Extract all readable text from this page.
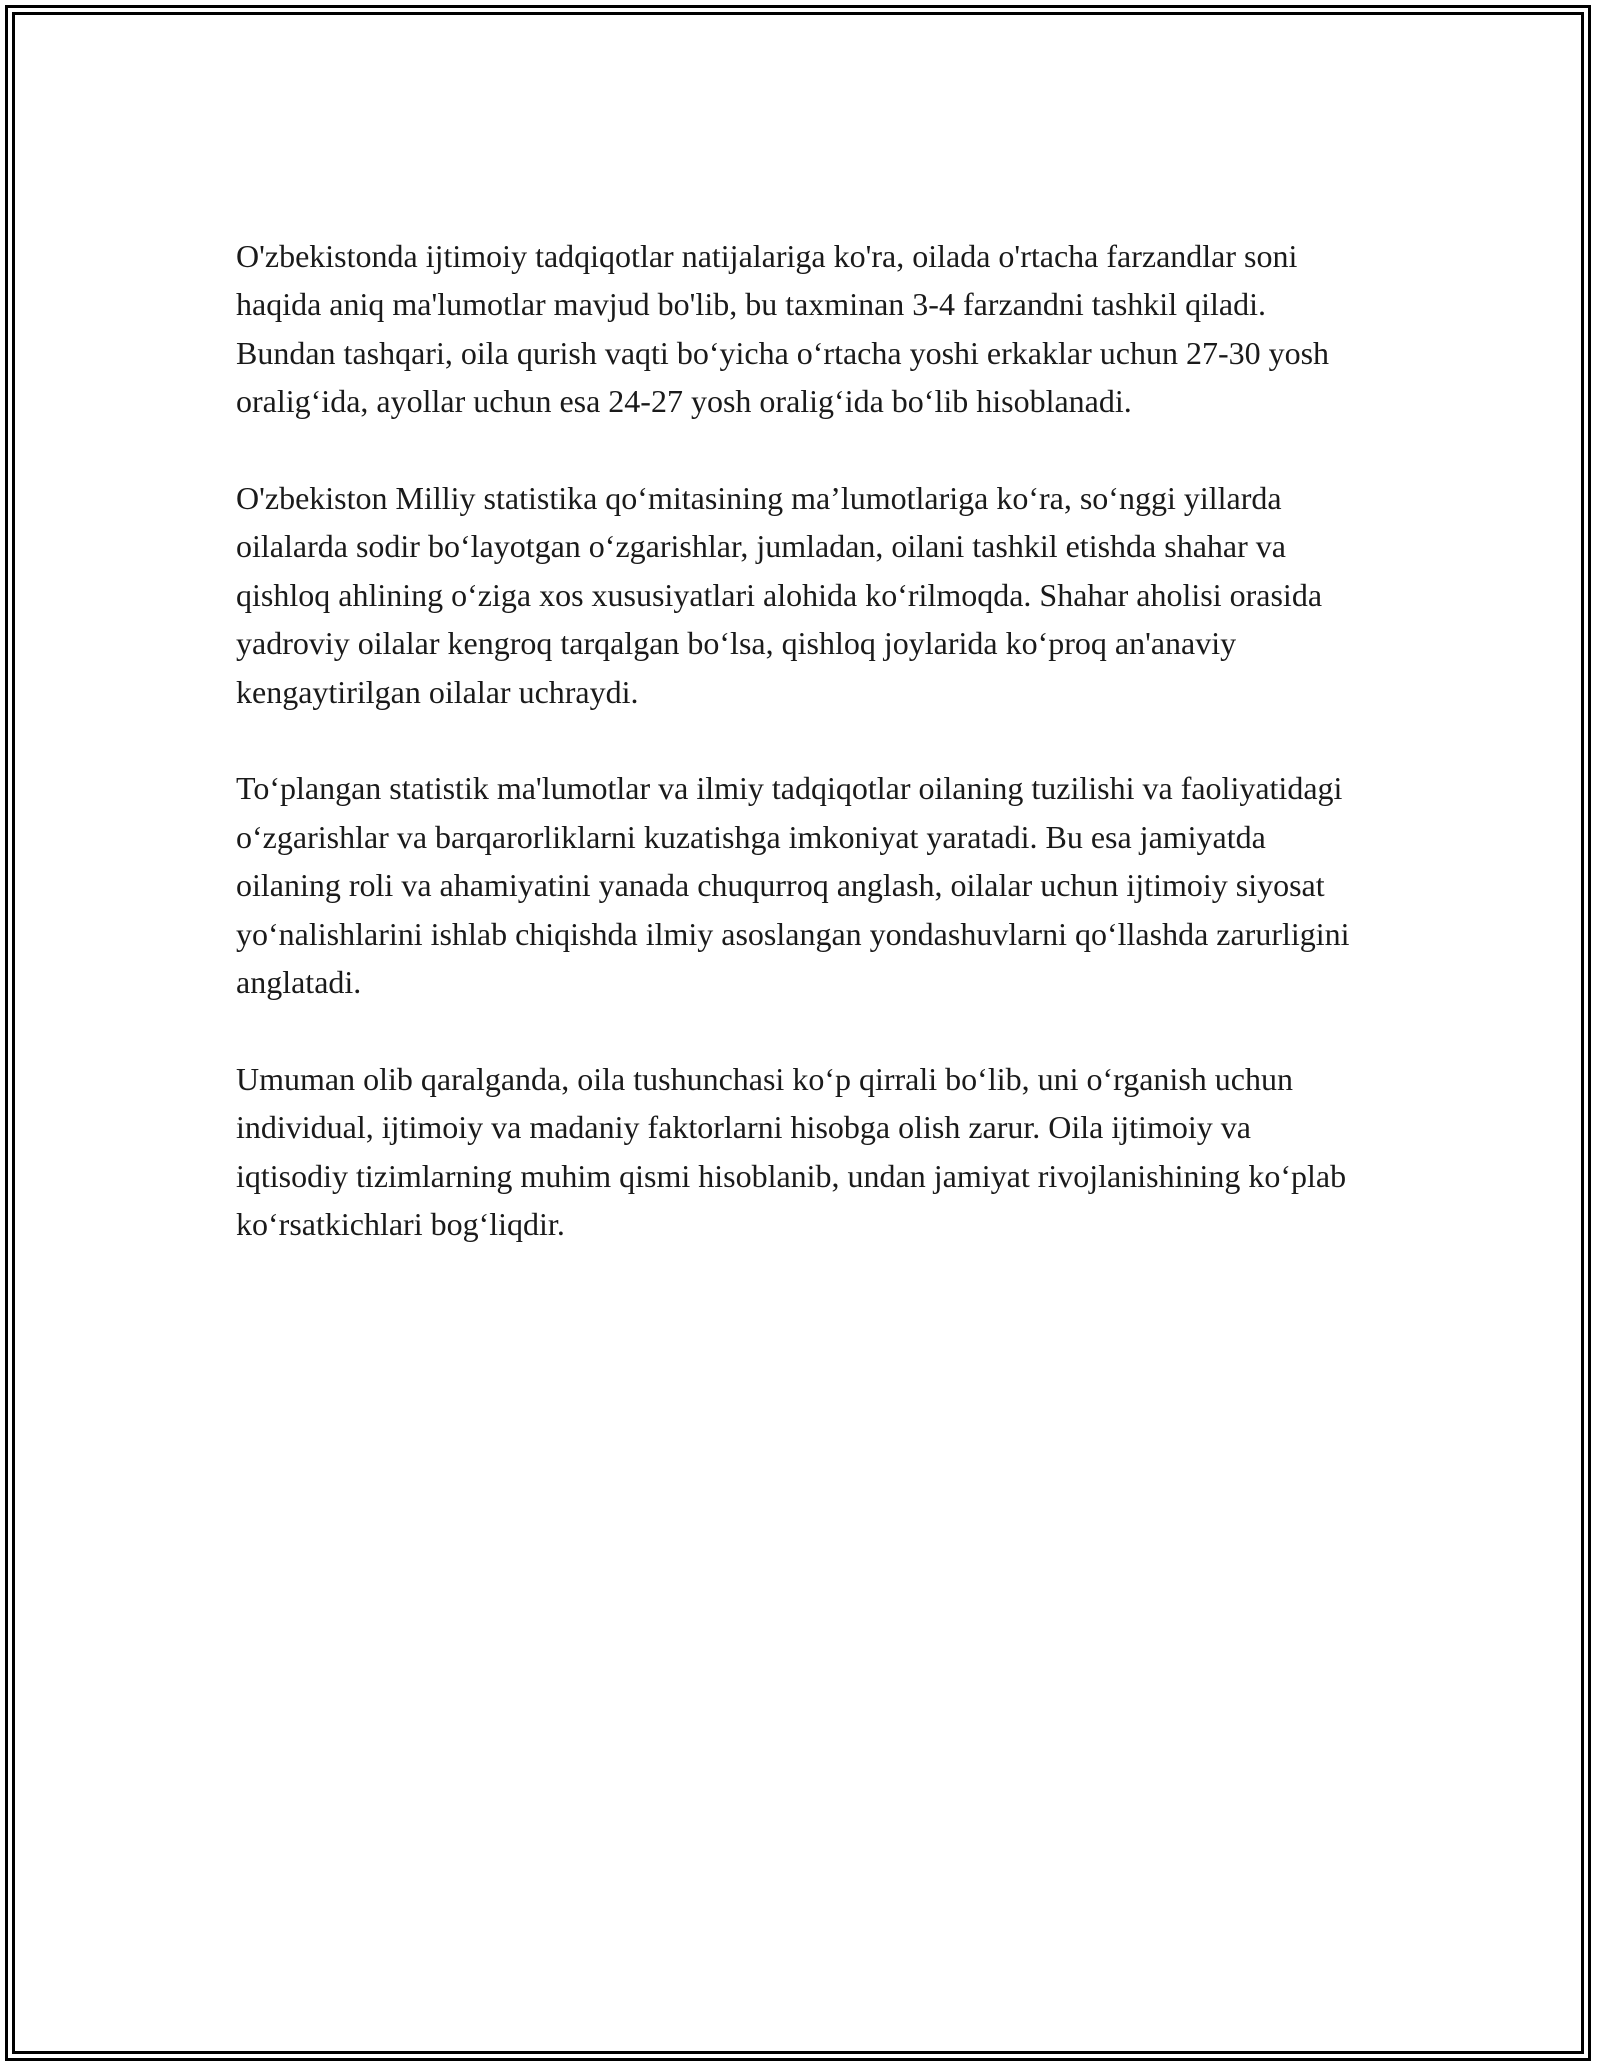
O'zbekistonda ijtimoiy tadqiqotlar natijalariga ko'ra, oilada o'rtacha farzandlar soni haqida aniq ma'lumotlar mavjud bo'lib, bu taxminan 3-4 farzandni tashkil qiladi. Bundan tashqari, oila qurish vaqti bo‘yicha o‘rtacha yoshi erkaklar uchun 27-30 yosh oralig‘ida, ayollar uchun esa 24-27 yosh oralig‘ida bo‘lib hisoblanadi.

O'zbekiston Milliy statistika qo‘mitasining ma’lumotlariga ko‘ra, so‘nggi yillarda oilalarda sodir bo‘layotgan o‘zgarishlar, jumladan, oilani tashkil etishda shahar va qishloq ahlining o‘ziga xos xususiyatlari alohida ko‘rilmoqda. Shahar aholisi orasida yadroviy oilalar kengroq tarqalgan bo‘lsa, qishloq joylarida ko‘proq an'anaviy kengaytirilgan oilalar uchraydi.

To‘plangan statistik ma'lumotlar va ilmiy tadqiqotlar oilaning tuzilishi va faoliyatidagi o‘zgarishlar va barqarorliklarni kuzatishga imkoniyat yaratadi. Bu esa jamiyatda oilaning roli va ahamiyatini yanada chuqurroq anglash, oilalar uchun ijtimoiy siyosat yo‘nalishlarini ishlab chiqishda ilmiy asoslangan yondashuvlarni qo‘llashda zarurligini anglatadi.

Umuman olib qaralganda, oila tushunchasi ko‘p qirrali bo‘lib, uni o‘rganish uchun individual, ijtimoiy va madaniy faktorlarni hisobga olish zarur. Oila ijtimoiy va iqtisodiy tizimlarning muhim qismi hisoblanib, undan jamiyat rivojlanishining ko‘plab ko‘rsatkichlari bog‘liqdir.
